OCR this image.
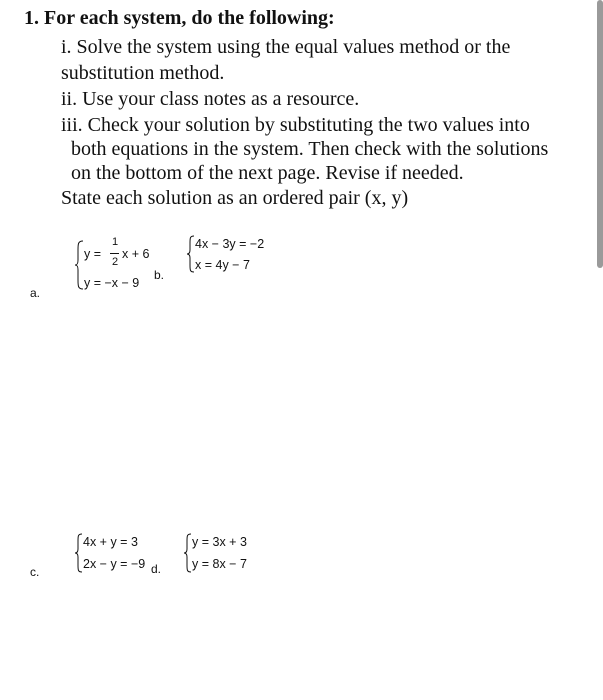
1. For each system, do the following:
i. Solve the system using the equal values method or the
substitution method.
ii. Use your class notes as a resource.
iii. Check your solution by substituting the two values into
both equations in the system. Then check with the solutions
on the bottom of the next page. Revise if needed.
State each solution as an ordered pair (x, y)
y =
1
2
x + 6
y = −x − 9
a.
b.
4x − 3y = −2
x = 4y − 7
4x + y = 3
2x − y = −9
c.	d.
y = 3x + 3
y = 8x − 7
